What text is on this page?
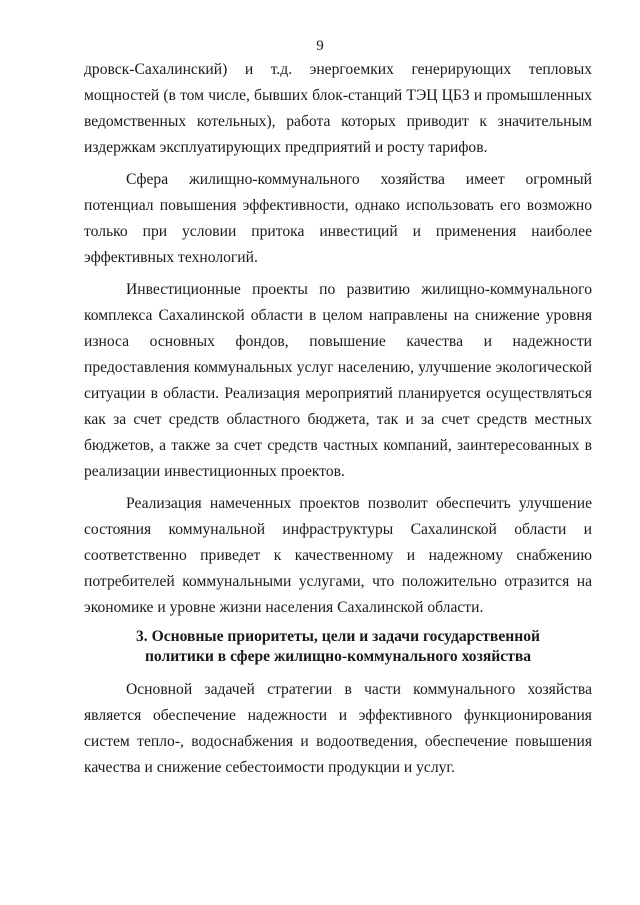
9

дровск-Сахалинский) и т.д. энергоемких генерирующих тепловых мощностей (в том числе, бывших блок-станций ТЭЦ ЦБЗ и промышленных ведомственных котельных), работа которых приводит к значительным издержкам эксплуатирующих предприятий и росту тарифов.

Сфера жилищно-коммунального хозяйства имеет огромный потенциал повышения эффективности, однако использовать его возможно только при условии притока инвестиций и применения наиболее эффективных технологий.

Инвестиционные проекты по развитию жилищно-коммунального комплекса Сахалинской области в целом направлены на снижение уровня износа основных фондов, повышение качества и надежности предоставления коммунальных услуг населению, улучшение экологической ситуации в области. Реализация мероприятий планируется осуществляться как за счет средств областного бюджета, так и за счет средств местных бюджетов, а также за счет средств частных компаний, заинтересованных в реализации инвестиционных проектов.

Реализация намеченных проектов позволит обеспечить улучшение состояния коммунальной инфраструктуры Сахалинской области и соответственно приведет к качественному и надежному снабжению потребителей коммунальными услугами, что положительно отразится на экономике и уровне жизни населения Сахалинской области.

3. Основные приоритеты, цели и задачи государственной
политики в сфере жилищно-коммунального хозяйства

Основной задачей стратегии в части коммунального хозяйства является обеспечение надежности и эффективного функционирования систем тепло-, водоснабжения и водоотведения, обеспечение повышения качества и снижение себестоимости продукции и услуг.
